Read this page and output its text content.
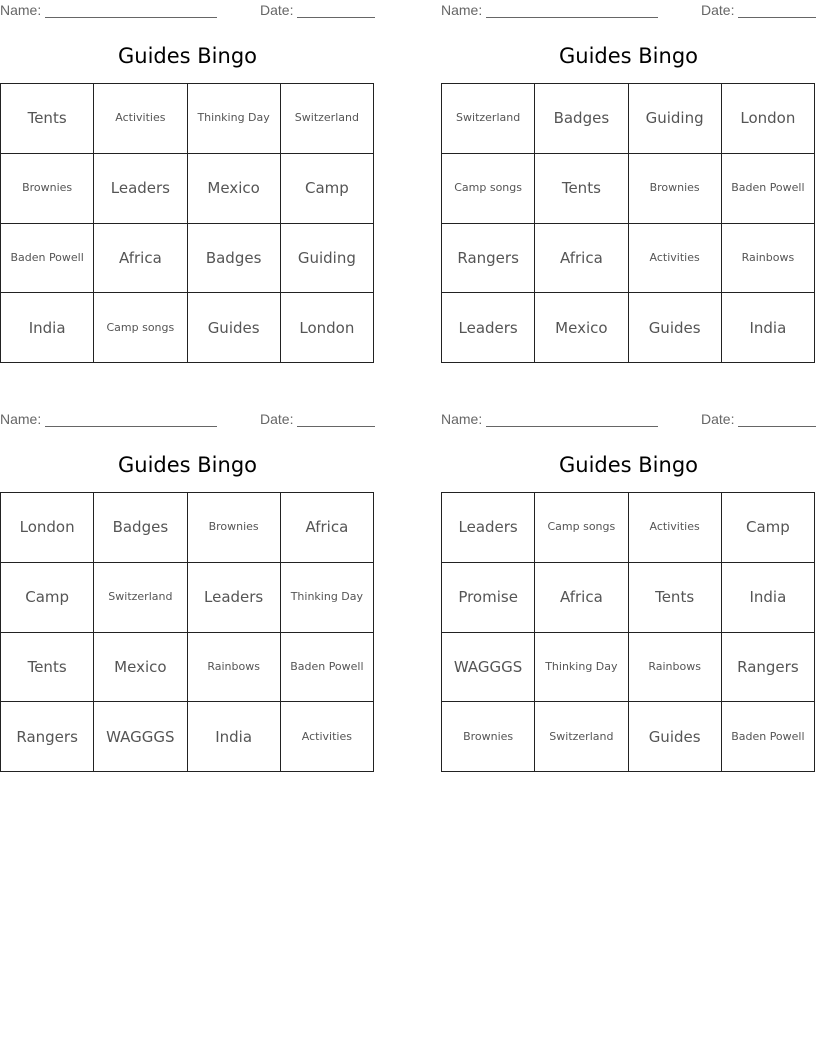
Name:	Date:
Guides Bingo
Tents	Activities	Thinking Day	Switzerland
Brownies	Leaders	Mexico	Camp
Baden Powell	Africa	Badges	Guiding
India	Camp songs	Guides	London
Name:	Date:
Guides Bingo
Switzerland	Badges	Guiding	London
Camp songs	Tents	Brownies	Baden Powell
Rangers	Africa	Activities	Rainbows
Leaders	Mexico	Guides	India
Name:	Date:
Guides Bingo
London	Badges	Brownies	Africa
Camp	Switzerland	Leaders	Thinking Day
Tents	Mexico	Rainbows	Baden Powell
Rangers	WAGGGS	India	Activities
Name:	Date:
Guides Bingo
Leaders	Camp songs	Activities	Camp
Promise	Africa	Tents	India
WAGGGS	Thinking Day	Rainbows	Rangers
Brownies	Switzerland	Guides	Baden Powell
